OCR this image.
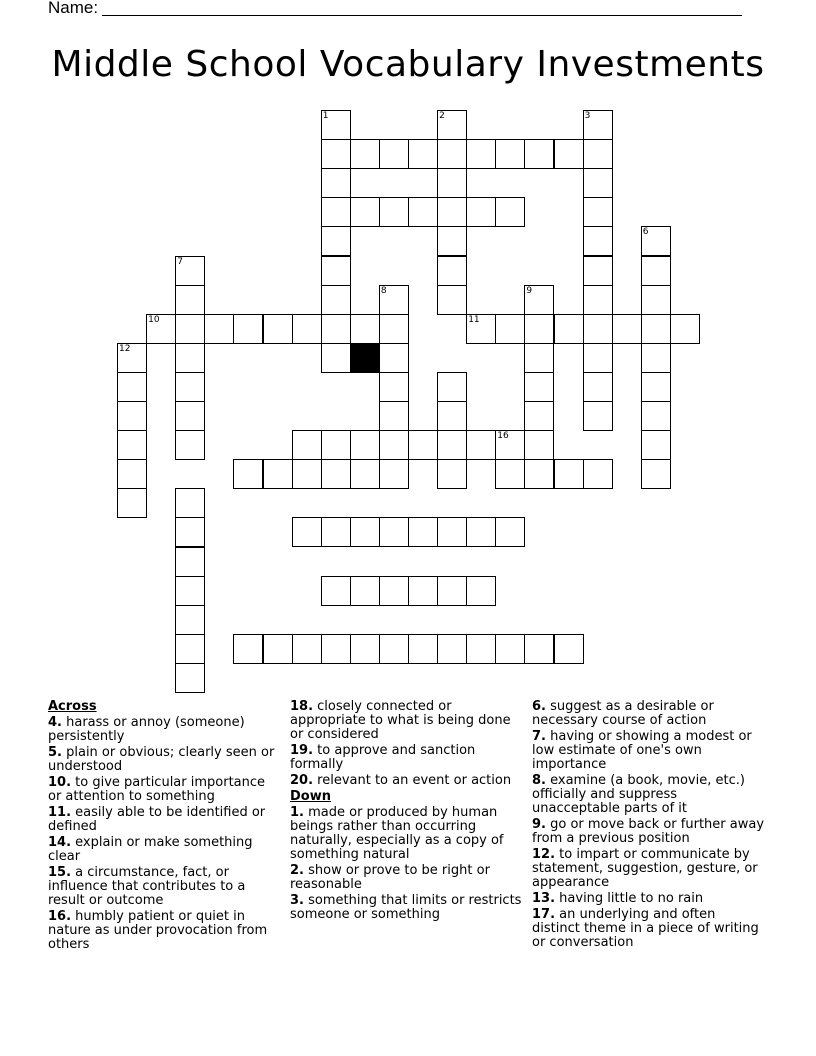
Name:
Middle School Vocabulary Investments
10	11
16
1	2	3
6
7
8	9
12
Across
4. harass or annoy (someone) persistently
5. plain or obvious; clearly seen or understood
10. to give particular importance or attention to something
11. easily able to be identified or defined
14. explain or make something clear
15. a circumstance, fact, or influence that contributes to a result or outcome
16. humbly patient or quiet in nature as under provocation from others
18. closely connected or appropriate to what is being done or considered
19. to approve and sanction formally
20. relevant to an event or action
Down
1. made or produced by human beings rather than occurring naturally, especially as a copy of something natural
2. show or prove to be right or reasonable
3. something that limits or restricts someone or something
6. suggest as a desirable or necessary course of action
7. having or showing a modest or low estimate of one's own importance
8. examine (a book, movie, etc.) officially and suppress unacceptable parts of it
9. go or move back or further away from a previous position
12. to impart or communicate by statement, suggestion, gesture, or appearance
13. having little to no rain
17. an underlying and often distinct theme in a piece of writing or conversation
